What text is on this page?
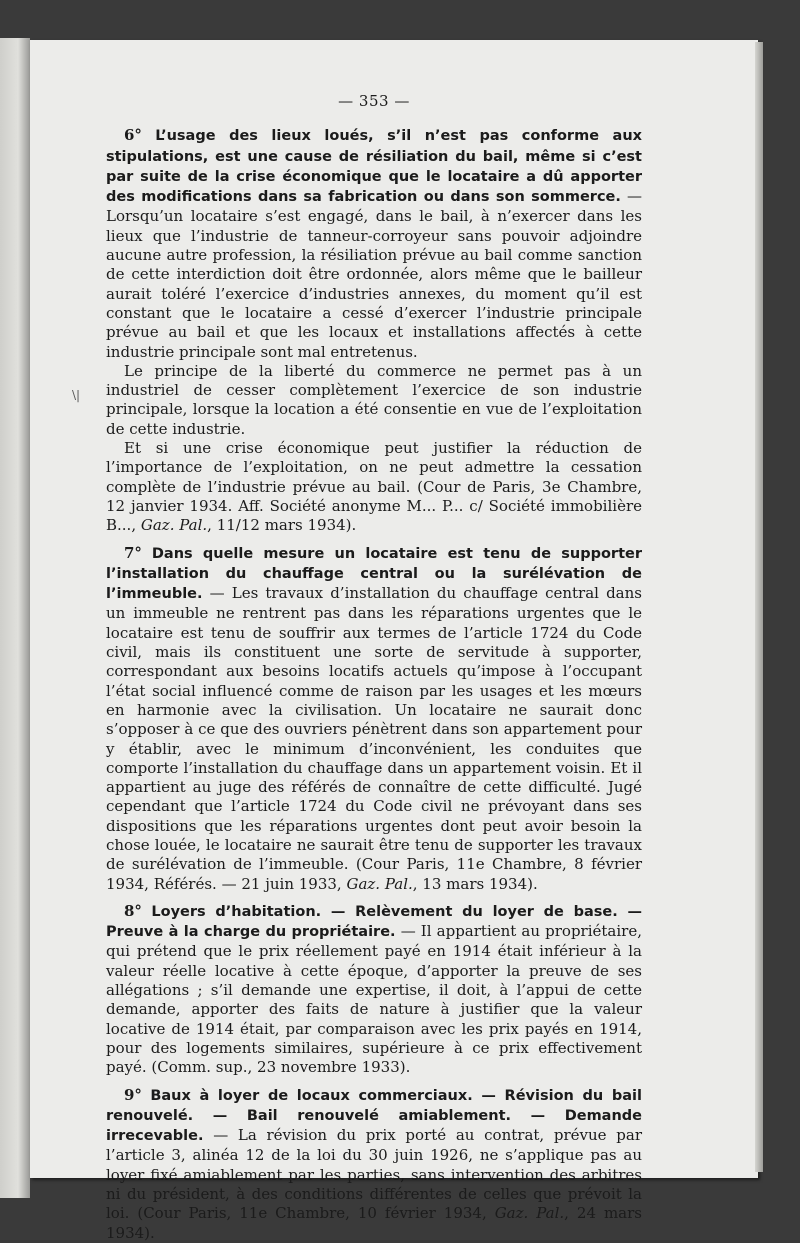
\|
— 353 —

6° L’usage des lieux loués, s’il n’est pas conforme aux stipulations, est une cause de résiliation du bail, même si c’est par suite de la crise économique que le locataire a dû apporter des modifications dans sa fabrication ou dans son sommerce. — Lorsqu’un locataire s’est engagé, dans le bail, à n’exercer dans les lieux que l’industrie de tanneur-corroyeur sans pouvoir adjoindre aucune autre profession, la résiliation prévue au bail comme sanction de cette interdiction doit être ordonnée, alors même que le bailleur aurait toléré l’exercice d’industries annexes, du moment qu’il est constant que le locataire a cessé d’exercer l’industrie principale prévue au bail et que les locaux et installations affectés à cette industrie principale sont mal entretenus.

Le principe de la liberté du commerce ne permet pas à un industriel de cesser complètement l’exercice de son industrie principale, lorsque la location a été consentie en vue de l’exploitation de cette industrie.

Et si une crise économique peut justifier la réduction de l’importance de l’exploitation, on ne peut admettre la cessation complète de l’industrie prévue au bail. (Cour de Paris, 3e Chambre, 12 janvier 1934. Aff. Société anonyme M... P... c/ Société immobilière B..., Gaz. Pal., 11/12 mars 1934).

7° Dans quelle mesure un locataire est tenu de supporter l’installation du chauffage central ou la surélévation de l’immeuble. — Les travaux d’installation du chauffage central dans un immeuble ne rentrent pas dans les réparations urgentes que le locataire est tenu de souffrir aux termes de l’article 1724 du Code civil, mais ils constituent une sorte de servitude à supporter, correspondant aux besoins locatifs actuels qu’impose à l’occupant l’état social influencé comme de raison par les usages et les mœurs en harmonie avec la civilisation. Un locataire ne saurait donc s’opposer à ce que des ouvriers pénètrent dans son appartement pour y établir, avec le minimum d’inconvénient, les conduites que comporte l’installation du chauffage dans un appartement voisin. Et il appartient au juge des référés de connaître de cette difficulté. Jugé cependant que l’article 1724 du Code civil ne prévoyant dans ses dispositions que les réparations urgentes dont peut avoir besoin la chose louée, le locataire ne saurait être tenu de supporter les travaux de surélévation de l’immeuble. (Cour Paris, 11e Chambre, 8 février 1934, Référés. — 21 juin 1933, Gaz. Pal., 13 mars 1934).

8° Loyers d’habitation. — Relèvement du loyer de base. — Preuve à la charge du propriétaire. — Il appartient au propriétaire, qui prétend que le prix réellement payé en 1914 était inférieur à la valeur réelle locative à cette époque, d’apporter la preuve de ses allégations ; s’il demande une expertise, il doit, à l’appui de cette demande, apporter des faits de nature à justifier que la valeur locative de 1914 était, par comparaison avec les prix payés en 1914, pour des logements similaires, supérieure à ce prix effectivement payé. (Comm. sup., 23 novembre 1933).

9° Baux à loyer de locaux commerciaux. — Révision du bail renouvelé. — Bail renouvelé amiablement. — Demande irrecevable. — La révision du prix porté au contrat, prévue par l’article 3, alinéa 12 de la loi du 30 juin 1926, ne s’applique pas au loyer fixé amiablement par les parties, sans intervention des arbitres ni du président, à des conditions différentes de celles que prévoit la loi. (Cour Paris, 11e Chambre, 10 février 1934, Gaz. Pal., 24 mars 1934).
